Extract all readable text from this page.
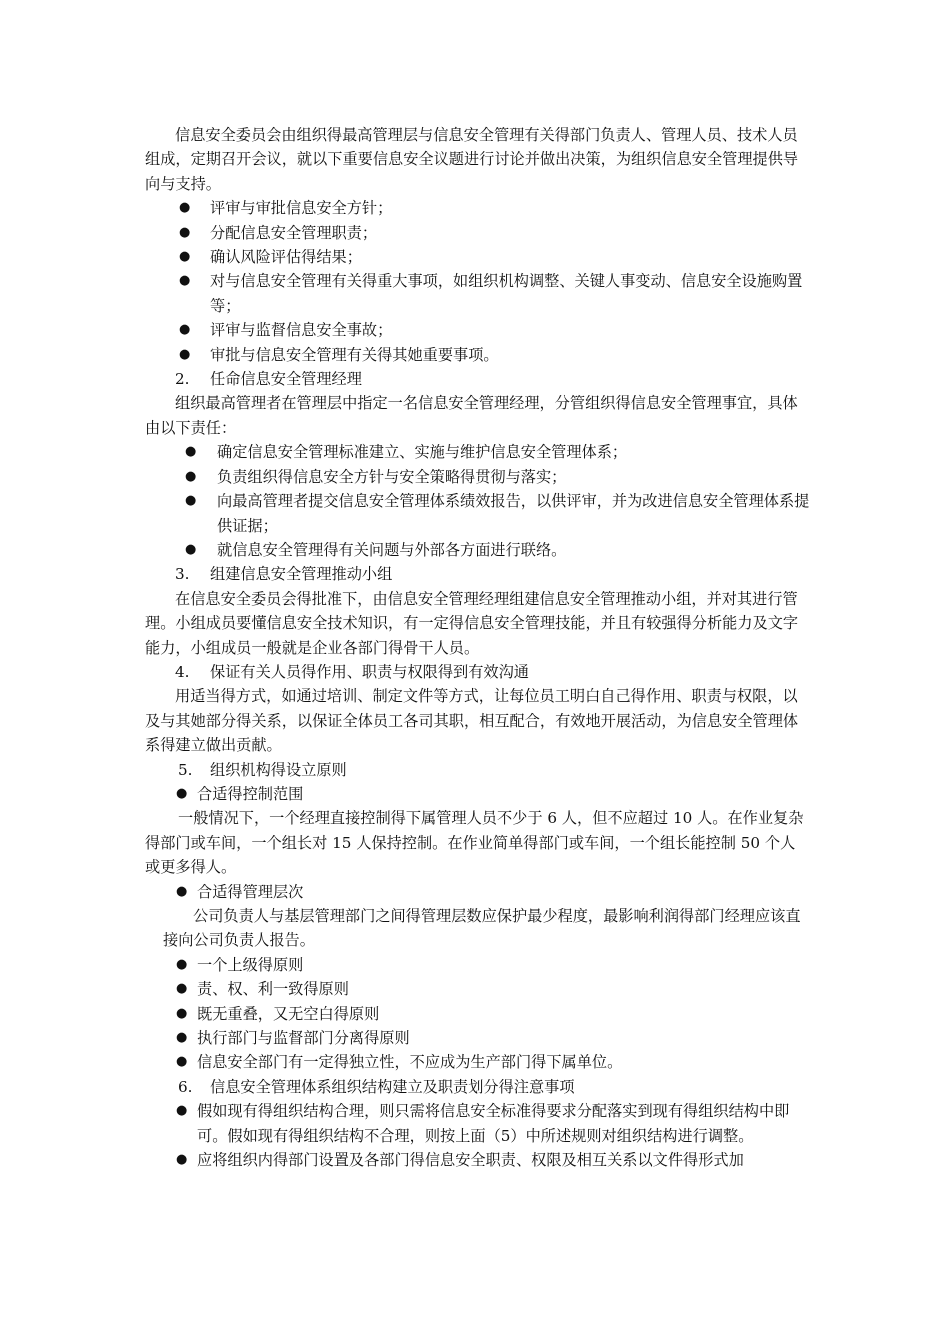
信息安全委员会由组织得最高管理层与信息安全管理有关得部门负责人、管理人员、技术人员组成，定期召开会议，就以下重要信息安全议题进行讨论并做出决策，为组织信息安全管理提供导向与支持。

● 评审与审批信息安全方针；

● 分配信息安全管理职责；

● 确认风险评估得结果；

● 对与信息安全管理有关得重大事项，如组织机构调整、关键人事变动、信息安全设施购置等；

● 评审与监督信息安全事故；

● 审批与信息安全管理有关得其她重要事项。

2. 任命信息安全管理经理

组织最高管理者在管理层中指定一名信息安全管理经理，分管组织得信息安全管理事宜，具体由以下责任：

● 确定信息安全管理标准建立、实施与维护信息安全管理体系；

● 负责组织得信息安全方针与安全策略得贯彻与落实；

● 向最高管理者提交信息安全管理体系绩效报告，以供评审，并为改进信息安全管理体系提供证据；

● 就信息安全管理得有关问题与外部各方面进行联络。

3. 组建信息安全管理推动小组

在信息安全委员会得批准下，由信息安全管理经理组建信息安全管理推动小组，并对其进行管理。小组成员要懂信息安全技术知识，有一定得信息安全管理技能，并且有较强得分析能力及文字能力，小组成员一般就是企业各部门得骨干人员。

4. 保证有关人员得作用、职责与权限得到有效沟通

用适当得方式，如通过培训、制定文件等方式，让每位员工明白自己得作用、职责与权限，以及与其她部分得关系，以保证全体员工各司其职，相互配合，有效地开展活动，为信息安全管理体系得建立做出贡献。

5. 组织机构得设立原则

● 合适得控制范围

一般情况下，一个经理直接控制得下属管理人员不少于 6 人，但不应超过 10 人。在作业复杂得部门或车间，一个组长对 15 人保持控制。在作业简单得部门或车间，一个组长能控制 50 个人或更多得人。

● 合适得管理层次

公司负责人与基层管理部门之间得管理层数应保护最少程度，最影响利润得部门经理应该直接向公司负责人报告。

● 一个上级得原则

● 责、权、利一致得原则

● 既无重叠，又无空白得原则

● 执行部门与监督部门分离得原则

● 信息安全部门有一定得独立性，不应成为生产部门得下属单位。

6. 信息安全管理体系组织结构建立及职责划分得注意事项

● 假如现有得组织结构合理，则只需将信息安全标准得要求分配落实到现有得组织结构中即可。假如现有得组织结构不合理，则按上面（5）中所述规则对组织结构进行调整。

● 应将组织内得部门设置及各部门得信息安全职责、权限及相互关系以文件得形式加
